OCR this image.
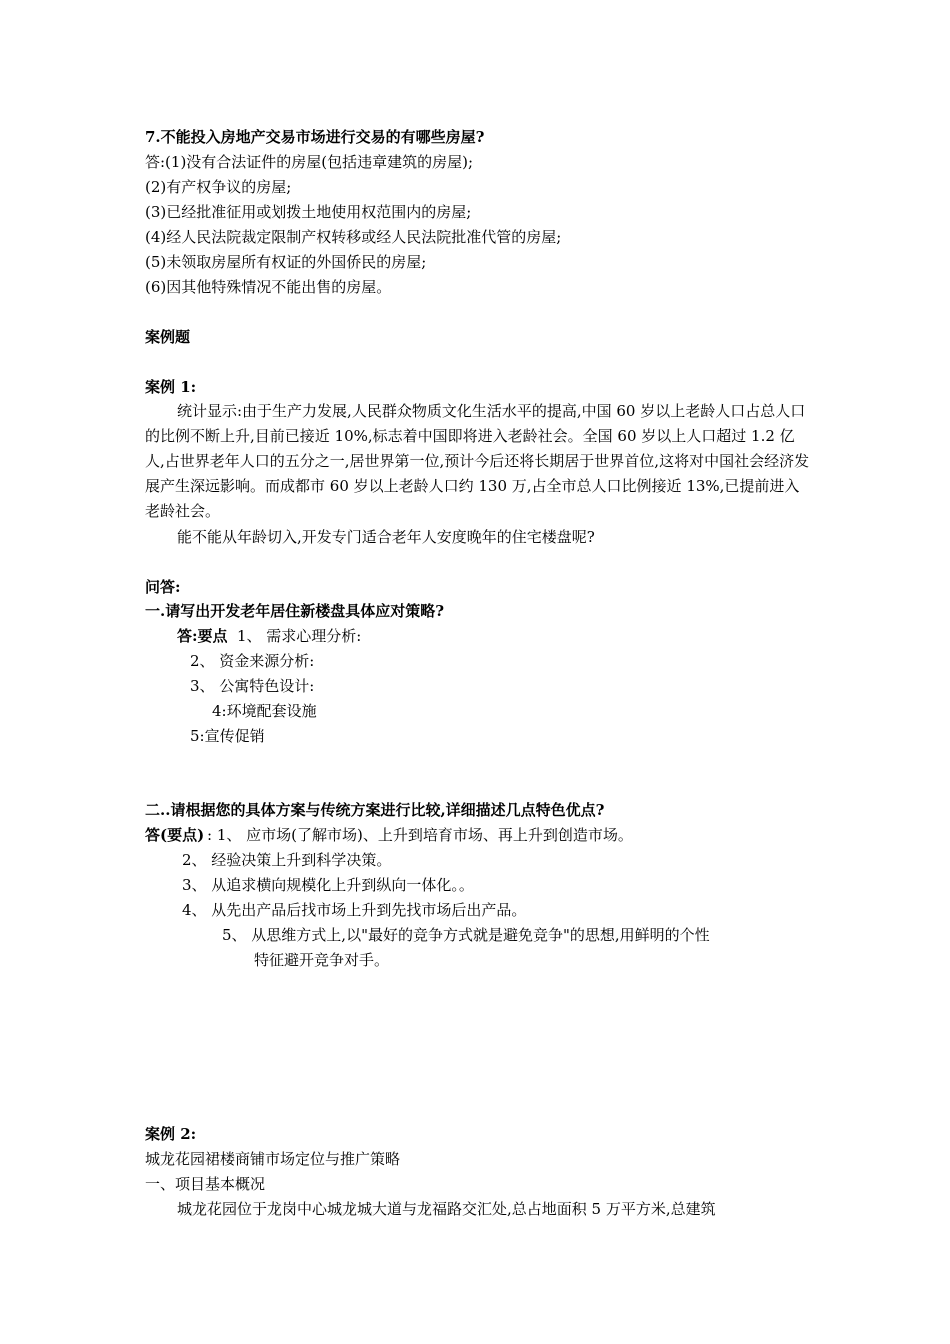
7.不能投入房地产交易市场进行交易的有哪些房屋?
答:(1)没有合法证件的房屋(包括违章建筑的房屋);
(2)有产权争议的房屋;
(3)已经批准征用或划拨土地使用权范围内的房屋;
(4)经人民法院裁定限制产权转移或经人民法院批准代管的房屋;
(5)未领取房屋所有权证的外国侨民的房屋;
(6)因其他特殊情况不能出售的房屋。
案例题
案例 1:
统计显示:由于生产力发展,人民群众物质文化生活水平的提高,中国 60 岁以上老龄人口占总人口的比例不断上升,目前已接近 10%,标志着中国即将进入老龄社会。全国 60 岁以上人口超过 1.2 亿人,占世界老年人口的五分之一,居世界第一位,预计今后还将长期居于世界首位,这将对中国社会经济发展产生深远影响。而成都市 60 岁以上老龄人口约 130 万,占全市总人口比例接近 13%,已提前进入老龄社会。
能不能从年龄切入,开发专门适合老年人安度晚年的住宅楼盘呢?
问答:
一.请写出开发老年居住新楼盘具体应对策略?
答:要点 1、 需求心理分析:
2、 资金来源分析:
3、 公寓特色设计:
4:环境配套设施
5:宣传促销
二..请根据您的具体方案与传统方案进行比较,详细描述几点特色优点?
答(要点) : 1、 应市场(了解市场)、上升到培育市场、再上升到创造市场。
2、 经验决策上升到科学决策。
3、 从追求横向规模化上升到纵向一体化。。
4、 从先出产品后找市场上升到先找市场后出产品。
5、 从思维方式上,以"最好的竞争方式就是避免竞争"的思想,用鲜明的个性
特征避开竞争对手。
案例 2:
城龙花园裙楼商铺市场定位与推广策略
一、项目基本概况
城龙花园位于龙岗中心城龙城大道与龙福路交汇处,总占地面积 5 万平方米,总建筑
